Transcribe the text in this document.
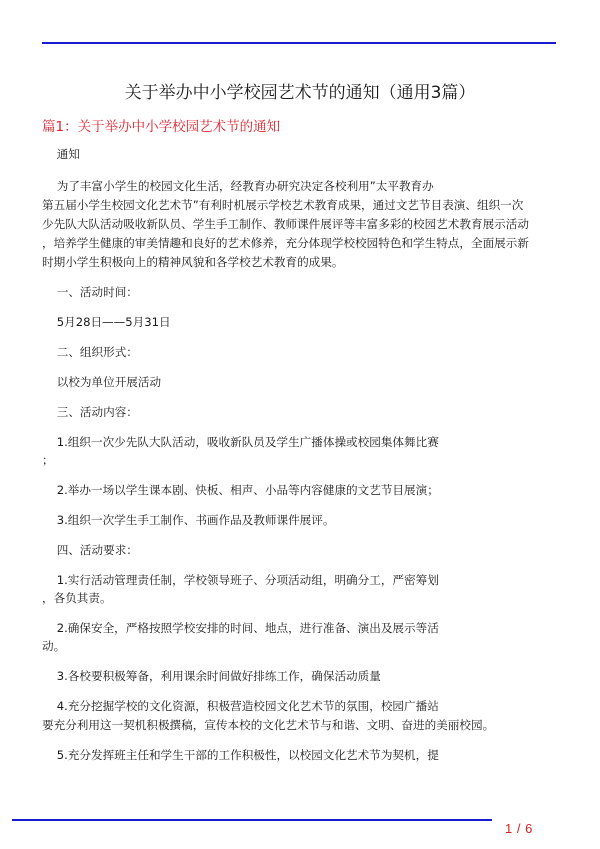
关于举办中小学校园艺术节的通知（通用3篇）
篇1：关于举办中小学校园艺术节的通知
通知
为了丰富小学生的校园文化生活，经教育办研究决定各校利用”太平教育办
第五届小学生校园文化艺术节”有利时机展示学校艺术教育成果，通过文艺节目表演、组织一次
少先队大队活动吸收新队员、学生手工制作、教师课件展评等丰富多彩的校园艺术教育展示活动
，培养学生健康的审美情趣和良好的艺术修养，充分体现学校校园特色和学生特点，全面展示新
时期小学生积极向上的精神风貌和各学校艺术教育的成果。
一、活动时间：
5月28日——5月31日
二、组织形式：
以校为单位开展活动
三、活动内容：
1.组织一次少先队大队活动，吸收新队员及学生广播体操或校园集体舞比赛
；
2.举办一场以学生课本剧、快板、相声、小品等内容健康的文艺节目展演；
3.组织一次学生手工制作、书画作品及教师课件展评。
四、活动要求：
1.实行活动管理责任制，学校领导班子、分项活动组，明确分工，严密筹划
，各负其责。
2.确保安全，严格按照学校安排的时间、地点，进行准备、演出及展示等活
动。
3.各校要积极筹备，利用课余时间做好排练工作，确保活动质量
4.充分挖掘学校的文化资源，积极营造校园文化艺术节的氛围，校园广播站
要充分利用这一契机积极撰稿，宣传本校的文化艺术节与和谐、文明、奋进的美丽校园。
5.充分发挥班主任和学生干部的工作积极性，以校园文化艺术节为契机，提
1 / 6
